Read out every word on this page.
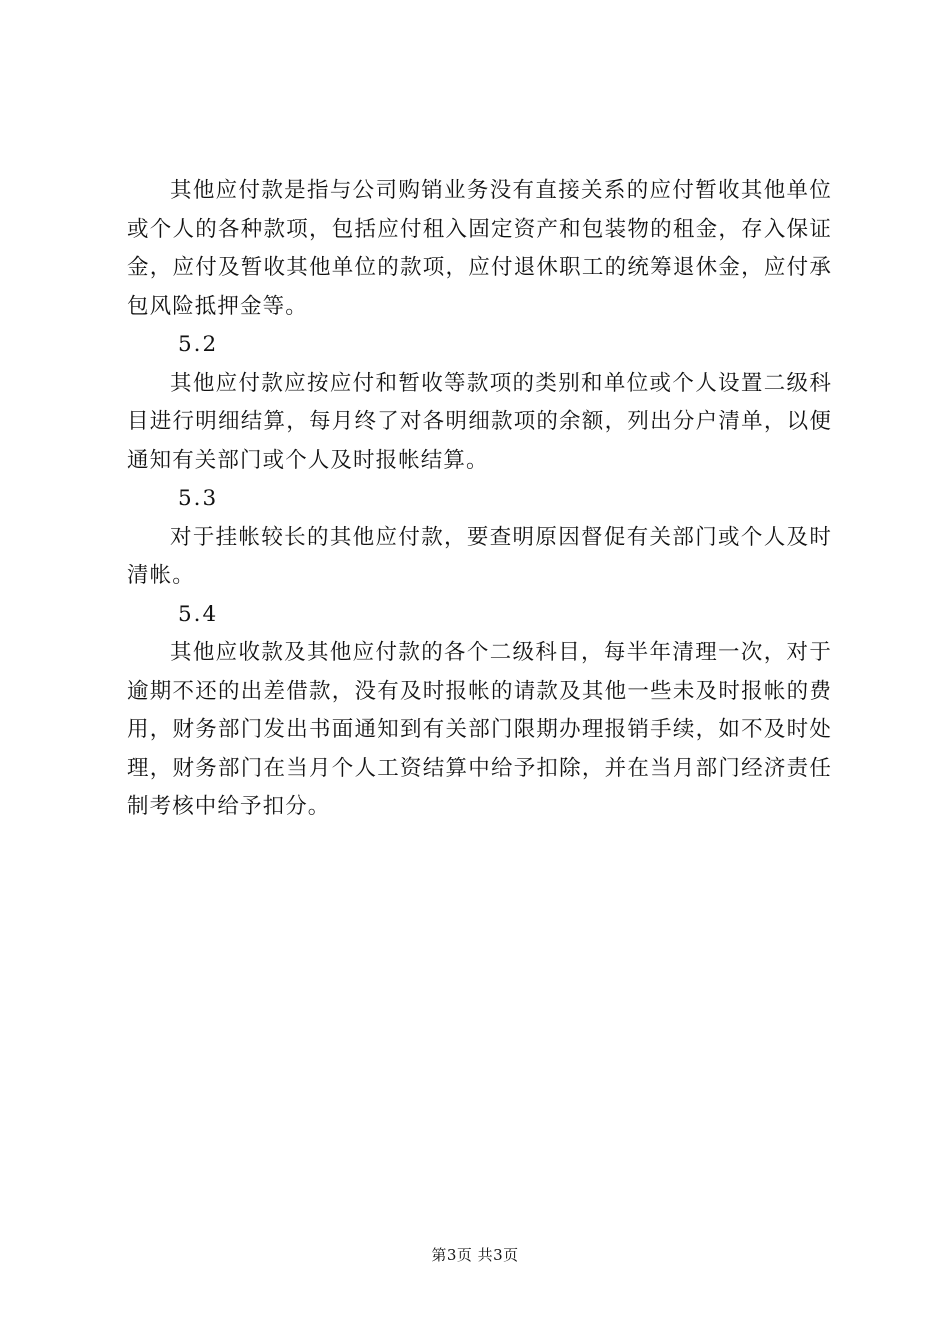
其他应付款是指与公司购销业务没有直接关系的应付暂收其他单位或个人的各种款项，包括应付租入固定资产和包装物的租金，存入保证金，应付及暂收其他单位的款项，应付退休职工的统筹退休金，应付承包风险抵押金等。

5.2

其他应付款应按应付和暂收等款项的类别和单位或个人设置二级科目进行明细结算，每月终了对各明细款项的余额，列出分户清单，以便通知有关部门或个人及时报帐结算。

5.3

对于挂帐较长的其他应付款，要查明原因督促有关部门或个人及时清帐。

5.4

其他应收款及其他应付款的各个二级科目，每半年清理一次，对于逾期不还的出差借款，没有及时报帐的请款及其他一些未及时报帐的费用，财务部门发出书面通知到有关部门限期办理报销手续，如不及时处理，财务部门在当月个人工资结算中给予扣除，并在当月部门经济责任制考核中给予扣分。

第3页 共3页
